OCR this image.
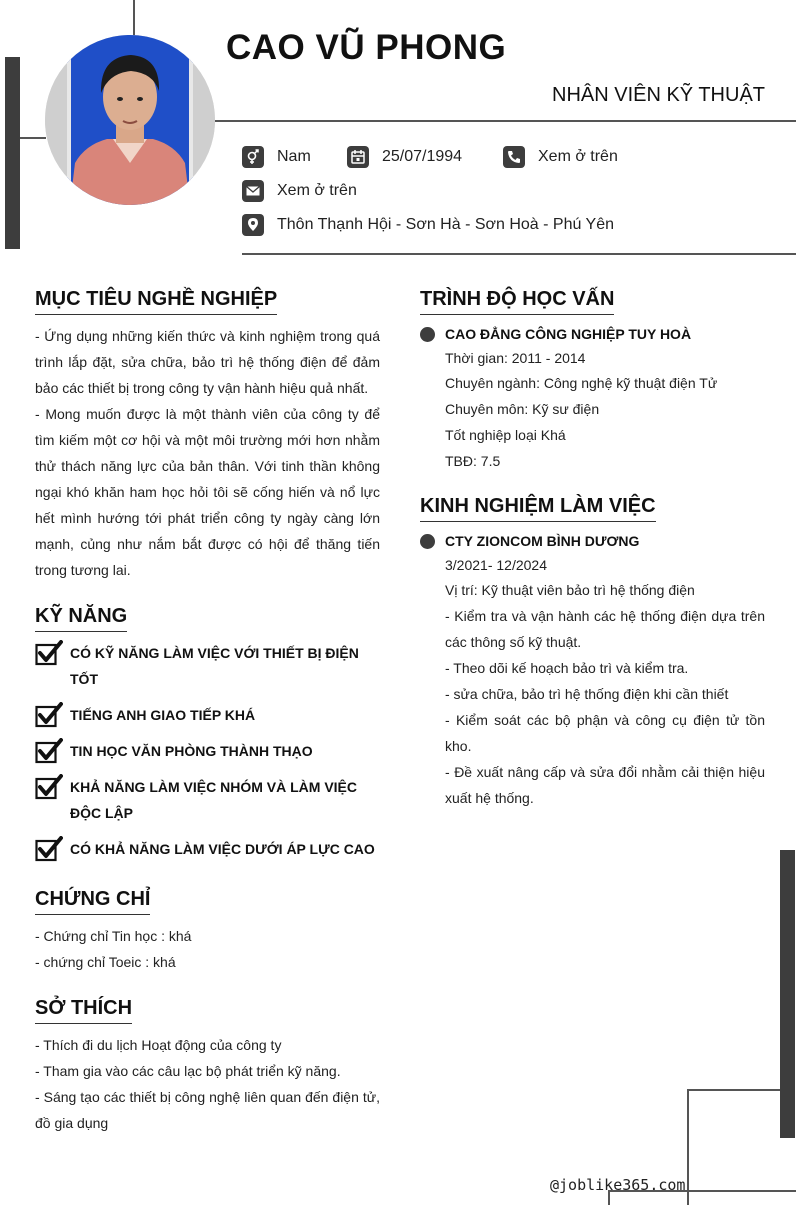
CAO VŨ PHONG
NHÂN VIÊN KỸ THUẬT
Nam	25/07/1994	Xem ở trên
Xem ở trên
Thôn Thạnh Hội - Sơn Hà - Sơn Hoà - Phú Yên
MỤC TIÊU NGHỀ NGHIỆP

- Ứng dụng những kiến thức và kinh nghiệm trong quá trình lắp đặt, sửa chữa, bảo trì hệ thống điện để đảm bảo các thiết bị trong công ty vận hành hiệu quả nhất.

- Mong muốn được là một thành viên của công ty để tìm kiếm một cơ hội và một môi trường mới hơn nhằm thử thách năng lực của bản thân. Với tinh thần không ngại khó khăn ham học hỏi tôi sẽ cống hiến và nổ lực hết mình hướng tới phát triển công ty ngày càng lớn mạnh, củng như nắm bắt được có hội để thăng tiến trong tương lai.

KỸ NĂNG
CÓ KỸ NĂNG LÀM VIỆC VỚI THIẾT BỊ ĐIỆN TỐT
TIẾNG ANH GIAO TIẾP KHÁ
TIN HỌC VĂN PHÒNG THÀNH THẠO
KHẢ NĂNG LÀM VIỆC NHÓM VÀ LÀM VIỆC ĐỘC LẬP
CÓ KHẢ NĂNG LÀM VIỆC DƯỚI ÁP LỰC CAO
CHỨNG CHỈ

- Chứng chỉ Tin học : khá

- chứng chỉ Toeic : khá

SỞ THÍCH

- Thích đi du lịch Hoạt động của công ty

- Tham gia vào các câu lạc bộ phát triển kỹ năng.

- Sáng tạo các thiết bị công nghệ liên quan đến điện tử, đồ gia dụng

TRÌNH ĐỘ HỌC VẤN
CAO ĐẲNG CÔNG NGHIỆP TUY HOÀ

Thời gian: 2011 - 2014

Chuyên ngành: Công nghệ kỹ thuật điện Tử

Chuyên môn: Kỹ sư điện

Tốt nghiệp loại Khá

TBĐ: 7.5

KINH NGHIỆM LÀM VIỆC
CTY ZIONCOM BÌNH DƯƠNG

3/2021- 12/2024

Vị trí: Kỹ thuật viên bảo trì hệ thống điện

- Kiểm tra và vận hành các hệ thống điện dựa trên các thông số kỹ thuật.

- Theo dõi kế hoạch bảo trì và kiểm tra.

- sửa chữa, bảo trì hệ thống điện khi cần thiết

- Kiểm soát các bộ phận và công cụ điện tử tồn kho.

- Đề xuất nâng cấp và sửa đổi nhằm cải thiện hiệu xuất hệ thống.

@joblike365.com
